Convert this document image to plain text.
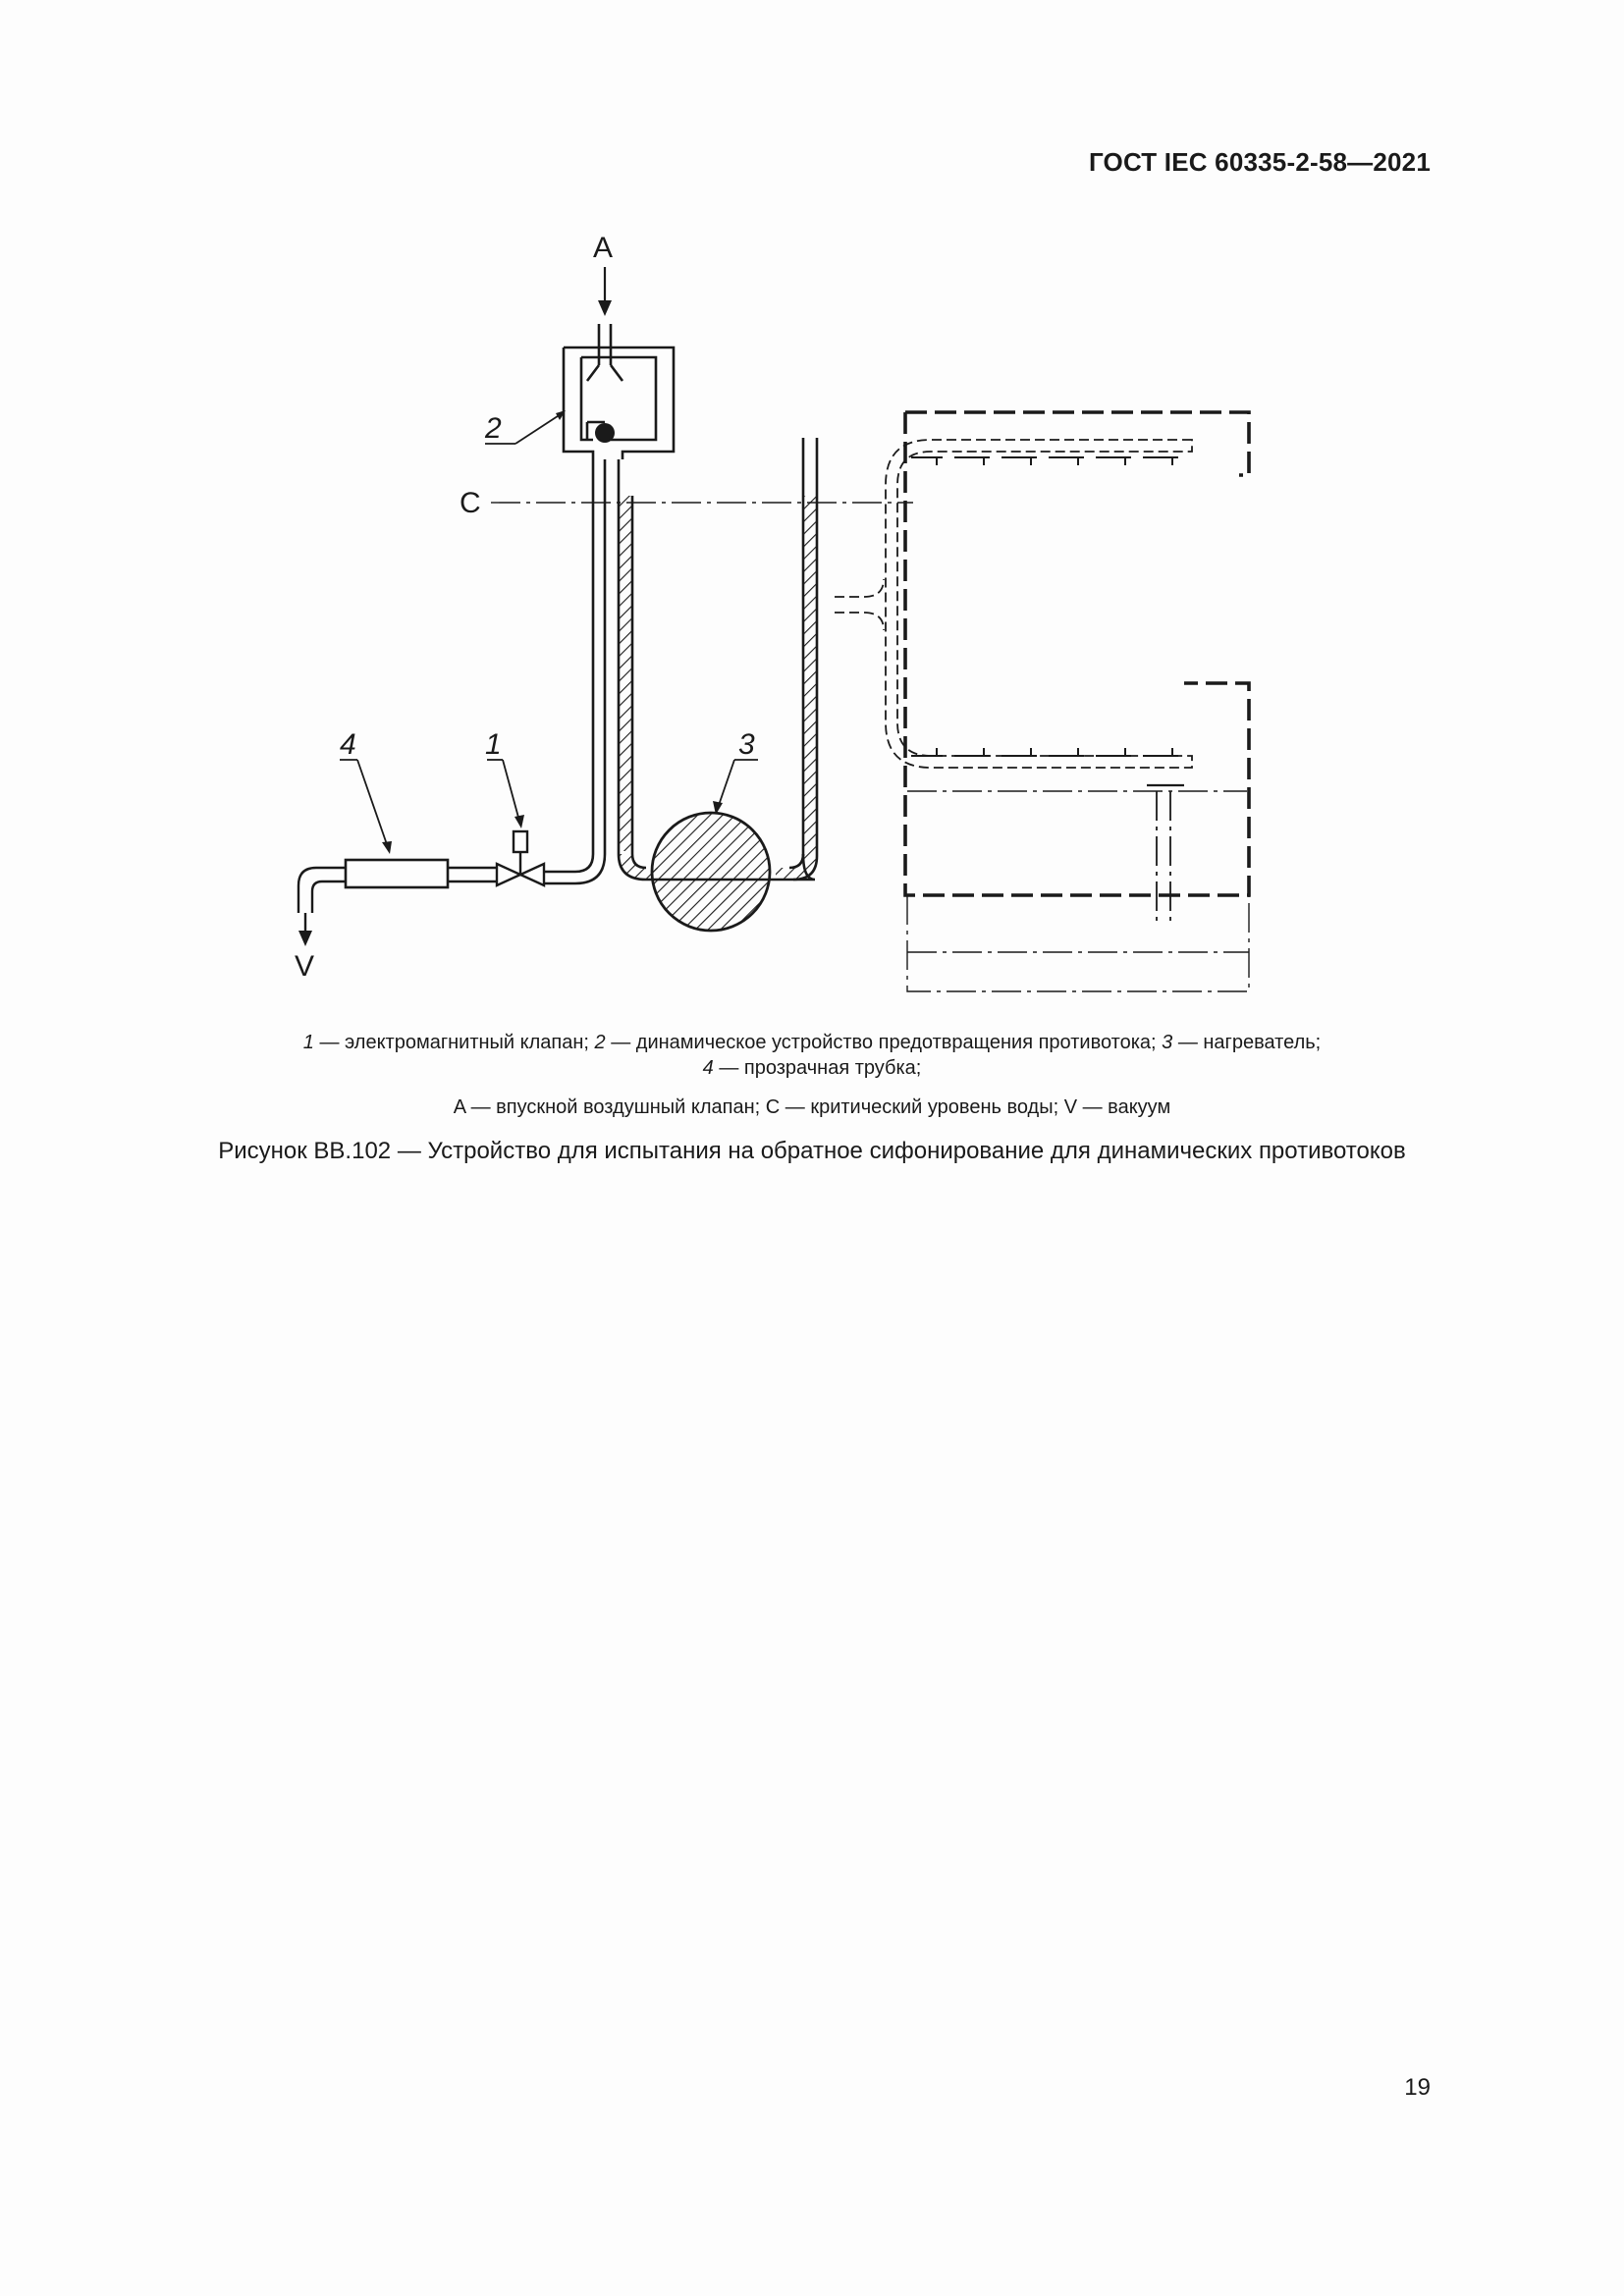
ГОСТ IEC 60335-2-58—2021
A
C
V
1
2
3
4
1 — электромагнитный клапан; 2 — динамическое устройство предотвращения противотока; 3 — нагреватель;
4 — прозрачная трубка;
A — впускной воздушный клапан; C — критический уровень воды; V — вакуум
Рисунок ВВ.102 — Устройство для испытания на обратное сифонирование для динамических противотоков
19
